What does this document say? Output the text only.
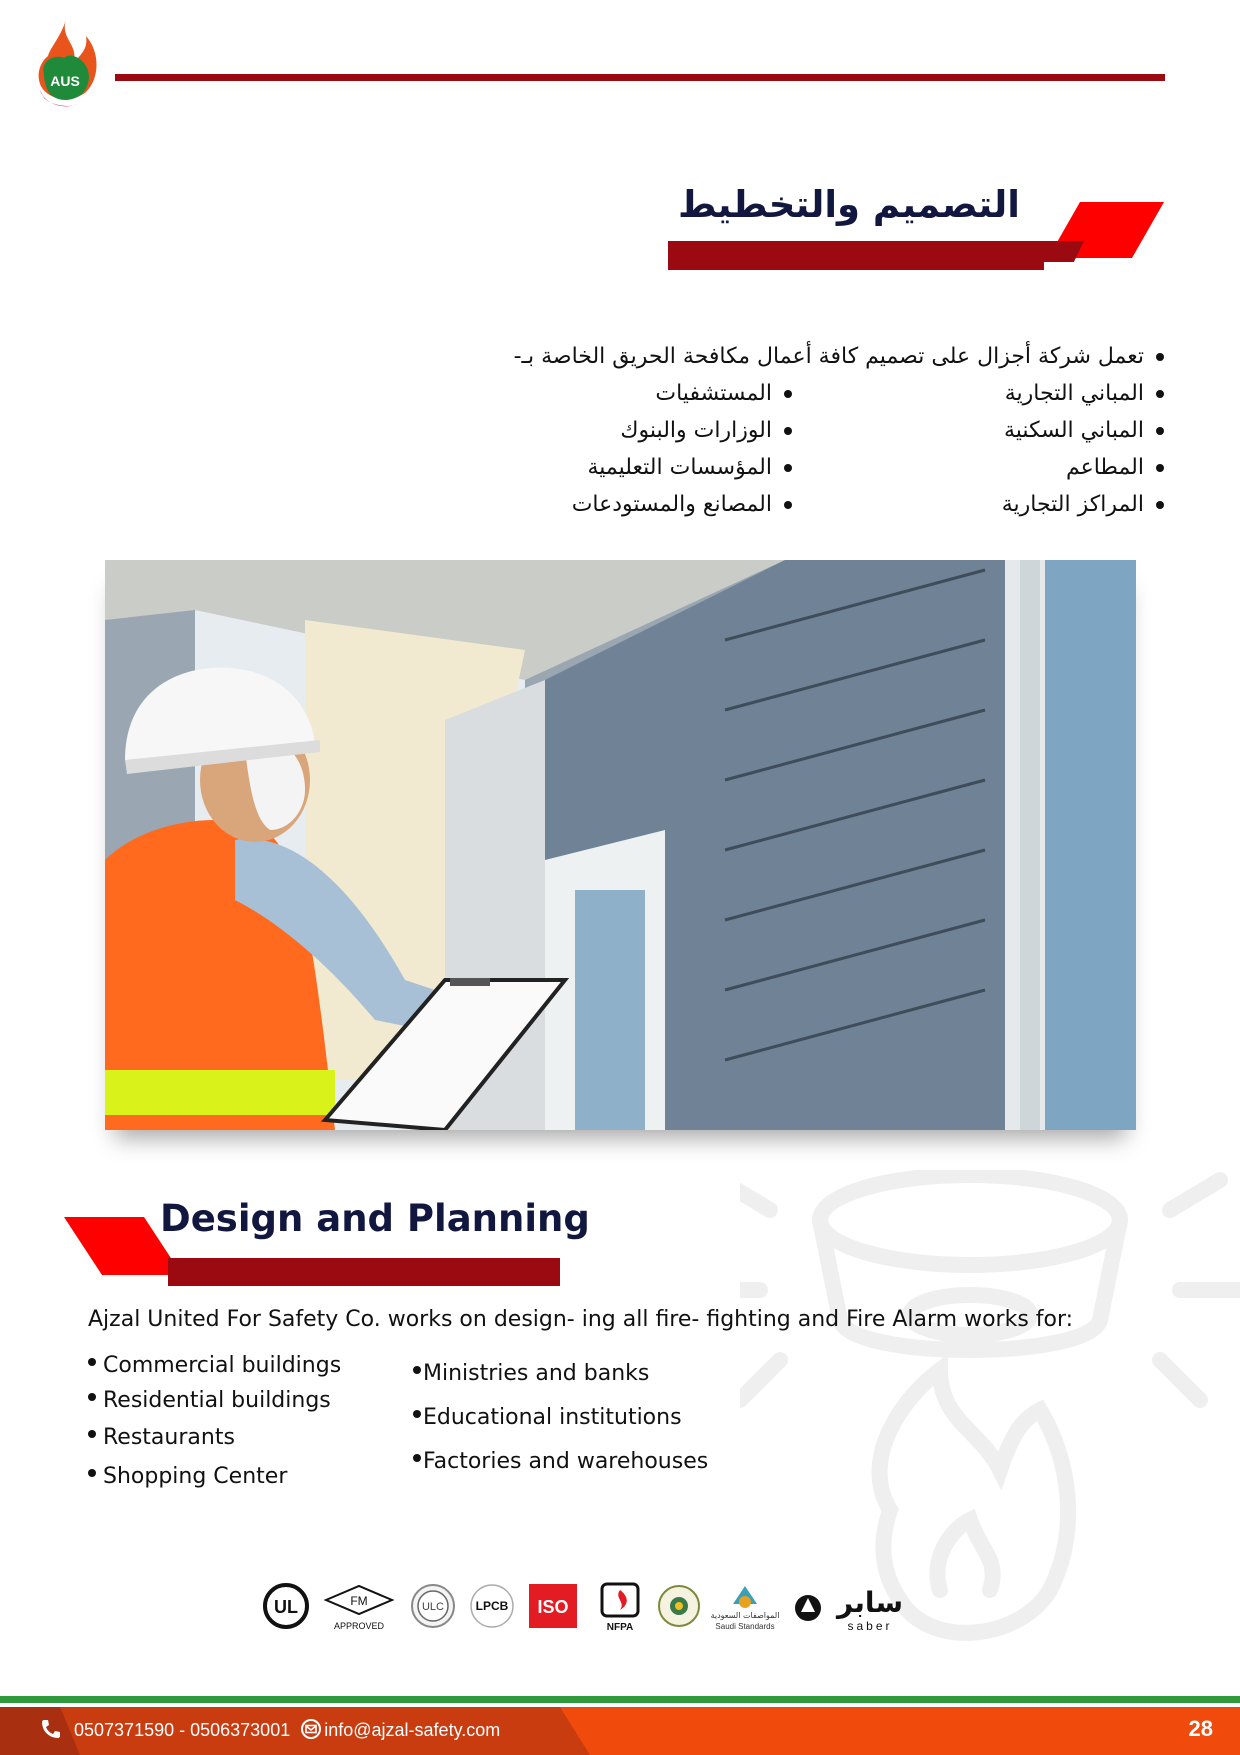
AUS
التصميم والتخطيط
تعمل شركة أجزال على تصميم كافة أعمال مكافحة الحريق الخاصة بـ-
المباني التجارية
المباني السكنية
المطاعم
المراكز التجارية
المستشفيات
الوزارات والبنوك
المؤسسات التعليمية
المصانع والمستودعات
Design and Planning
Ajzal United For Safety Co. works on design- ing all fire- fighting and Fire Alarm works for:
Commercial buildings
Residential buildings
Restaurants
Shopping Center
Ministries and banks
Educational institutions
Factories and warehouses
UL	FM
APPROVED
ULC	LPCB ISO
NFPA
المواصفات السعودية
Saudi Standards
سابر
saber
0507371590 - 0506373001 info@ajzal-safety.com	28
